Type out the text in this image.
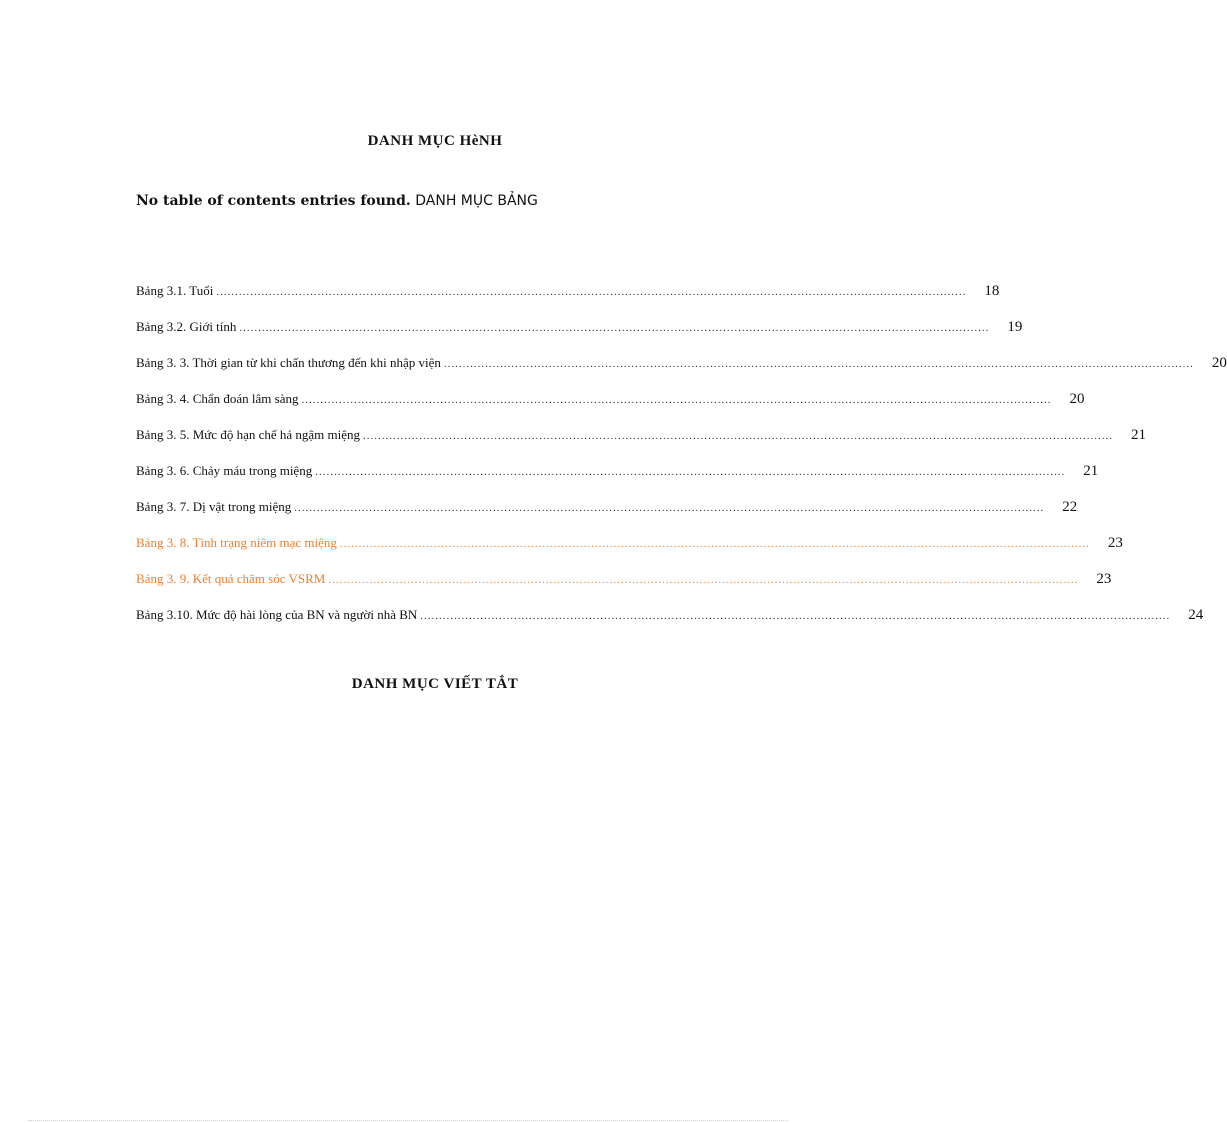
DANH MỤC HèNH
No table of contents entries found. DANH MỤC BẢNG
Bảng 3.1. Tuổi ........................................................................................................................................................................................................	18
Bảng 3.2. Giới tính ........................................................................................................................................................................................................	19
Bảng 3. 3. Thời gian từ khi chấn thương đến khi nhập viện ........................................................................................................................................................................................................	20
Bảng 3. 4. Chẩn đoán lâm sàng ........................................................................................................................................................................................................	20
Bảng 3. 5. Mức độ hạn chế há ngậm miệng ........................................................................................................................................................................................................	21
Bảng 3. 6. Chảy máu trong miệng ........................................................................................................................................................................................................	21
Bảng 3. 7. Dị vật trong miệng ........................................................................................................................................................................................................	22
Bảng 3. 8. Tình trạng niêm mạc miệng ........................................................................................................................................................................................................	23
Bảng 3. 9. Kết quả chăm sóc VSRM ........................................................................................................................................................................................................	23
Bảng 3.10. Mức độ hài lòng của BN và người nhà BN ........................................................................................................................................................................................................	24
DANH MỤC VIẾT TẮT
